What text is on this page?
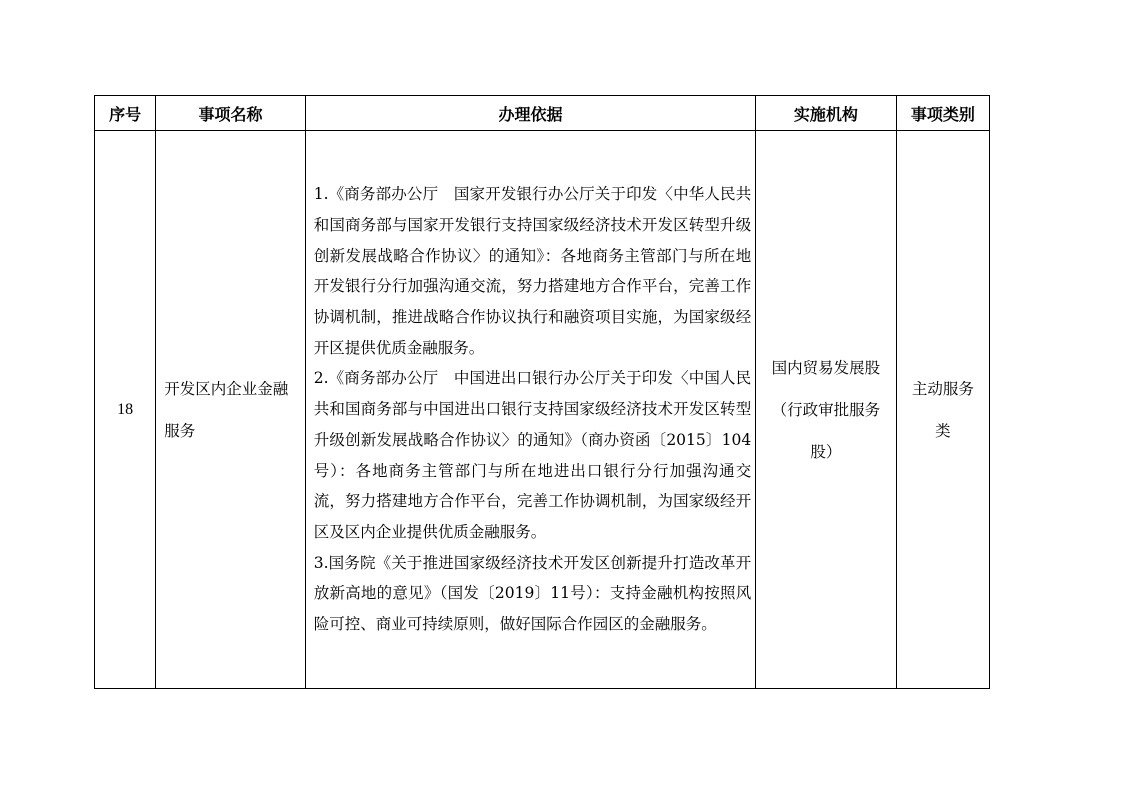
序号	事项名称	办理依据	实施机构	事项类别
18	开发区内企业金融服务	1.《商务部办公厅　国家开发银行办公厅关于印发〈中华人民共和国商务部与国家开发银行支持国家级经济技术开发区转型升级创新发展战略合作协议〉的通知》：各地商务主管部门与所在地开发银行分行加强沟通交流，努力搭建地方合作平台，完善工作协调机制，推进战略合作协议执行和融资项目实施，为国家级经开区提供优质金融服务。
2.《商务部办公厅　中国进出口银行办公厅关于印发〈中国人民共和国商务部与中国进出口银行支持国家级经济技术开发区转型升级创新发展战略合作协议〉的通知》（商办资函〔2015〕104号）：各地商务主管部门与所在地进出口银行分行加强沟通交流，努力搭建地方合作平台，完善工作协调机制，为国家级经开区及区内企业提供优质金融服务。
3.国务院《关于推进国家级经济技术开发区创新提升打造改革开放新高地的意见》（国发〔2019〕11号）：支持金融机构按照风险可控、商业可持续原则，做好国际合作园区的金融服务。	国内贸易发展股（行政审批服务股）	主动服务类
